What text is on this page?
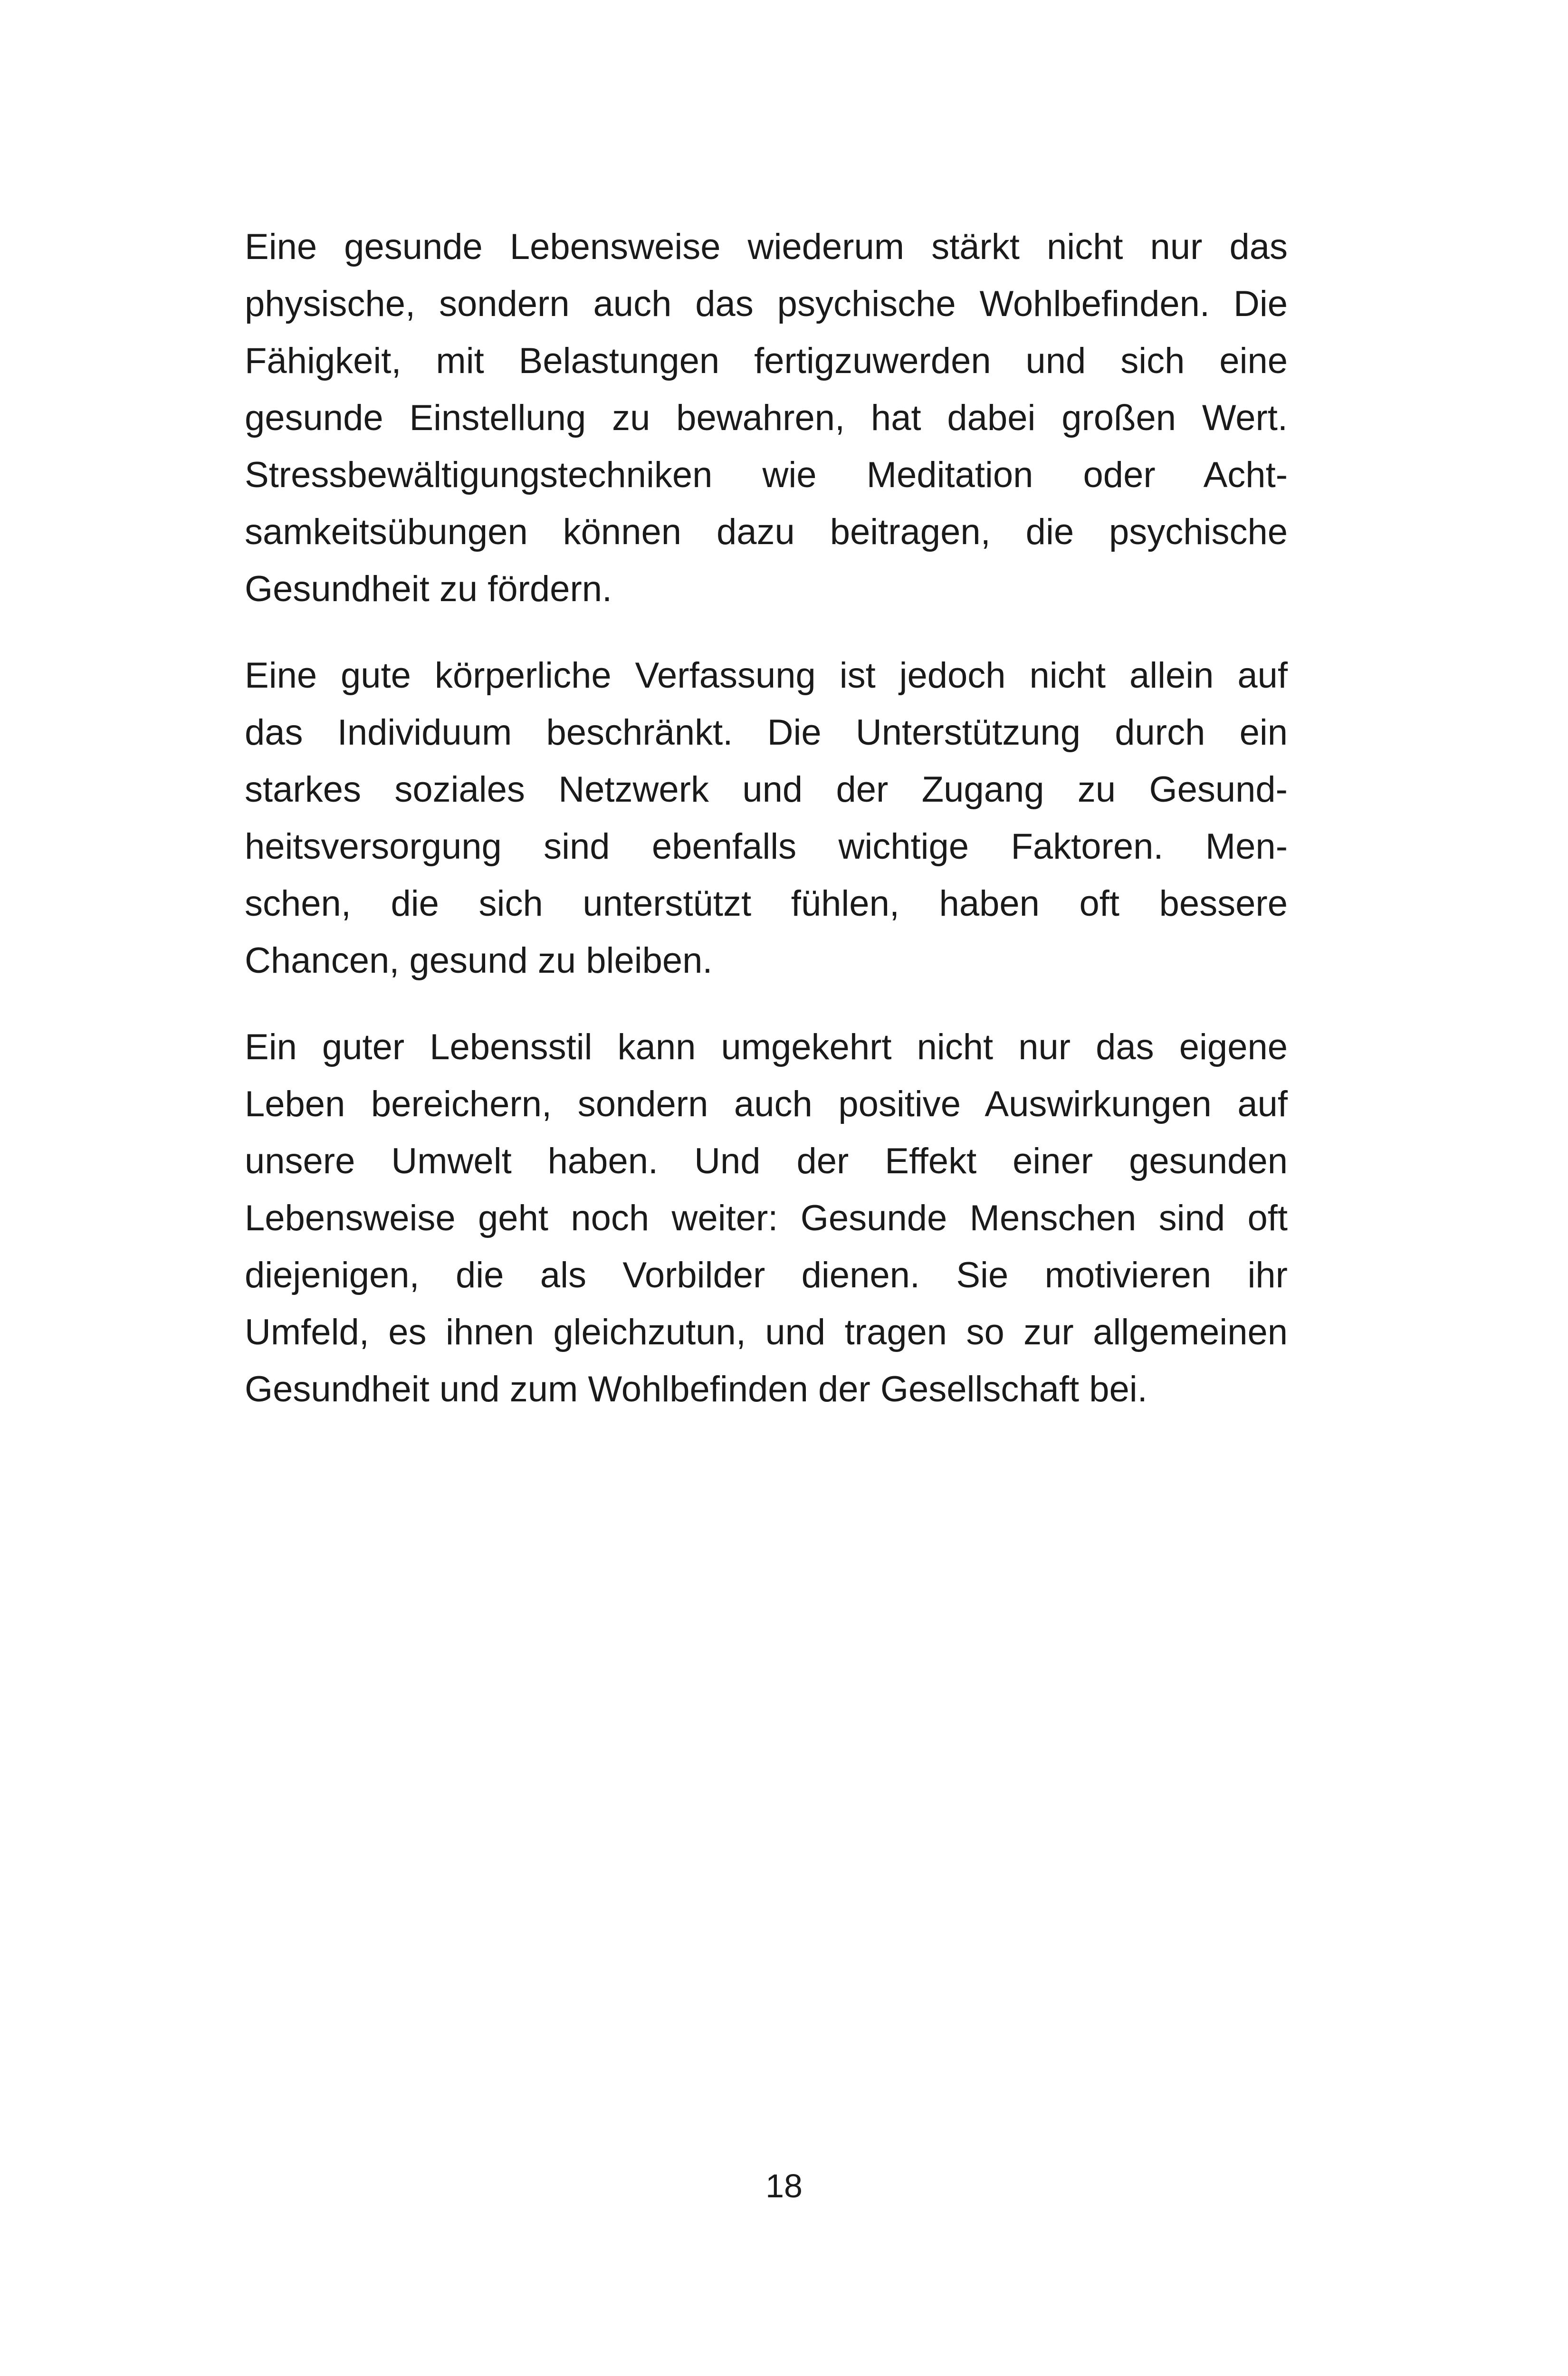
Eine gesunde Lebensweise wiederum stärkt nicht nur das
physische, sondern auch das psychische Wohlbefinden. Die
Fähigkeit, mit Belastungen fertigzuwerden und sich eine
gesunde Einstellung zu bewahren, hat dabei großen Wert.
Stressbewältigungstechniken wie Meditation oder Acht-
samkeitsübungen können dazu beitragen, die psychische
Gesundheit zu fördern.

Eine gute körperliche Verfassung ist jedoch nicht allein auf
das Individuum beschränkt. Die Unterstützung durch ein
starkes soziales Netzwerk und der Zugang zu Gesund-
heitsversorgung sind ebenfalls wichtige Faktoren. Men-
schen, die sich unterstützt fühlen, haben oft bessere
Chancen, gesund zu bleiben.

Ein guter Lebensstil kann umgekehrt nicht nur das eigene
Leben bereichern, sondern auch positive Auswirkungen auf
unsere Umwelt haben. Und der Effekt einer gesunden
Lebensweise geht noch weiter: Gesunde Menschen sind oft
diejenigen, die als Vorbilder dienen. Sie motivieren ihr
Umfeld, es ihnen gleichzutun, und tragen so zur allgemeinen
Gesundheit und zum Wohlbefinden der Gesellschaft bei.

18
